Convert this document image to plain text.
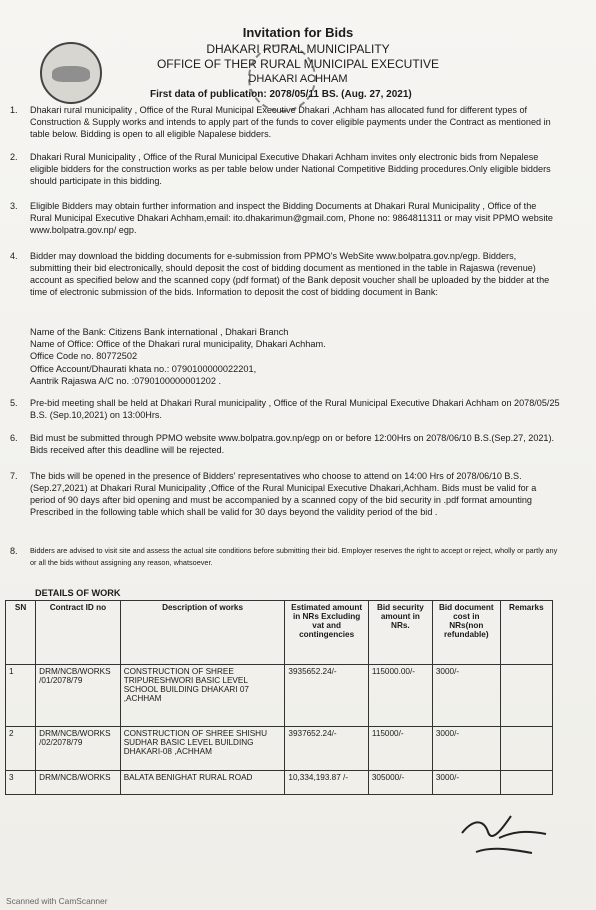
Invitation for Bids
DHAKARI RURAL MUNICIPALITY
OFFICE OF THER RURAL MUNICIPAL EXECUTIVE
DHAKARI ACHHAM
First data of publication: 2078/05/11 BS. (Aug. 27, 2021)
1.	Dhakari rural municipality , Office of the Rural Municipal Executive Dhakari ,Achham has allocated fund for different types of Construction & Supply works and intends to apply part of the funds to cover eligible payments under the Contract as mentioned in table below. Bidding is open to all eligible Napalese bidders.
2.	Dhakari Rural Municipality , Office of the Rural Municipal Executive Dhakari Achham invites only electronic bids from Nepalese eligible bidders for the construction works as per table below under National Competitive Bidding procedures.Only eligible bidders should participate in this bidding.
3.	Eligible Bidders may obtain further information and inspect the Bidding Documents at Dhakari Rural Municipality , Office of the Rural Municipal Executive Dhakari Achham,email: ito.dhakarimun@gmail.com, Phone no: 9864811311 or may visit PPMO website www.bolpatra.gov.np/ egp.
4.	Bidder may download the bidding documents for e-submission from PPMO's WebSite www.bolpatra.gov.np/egp. Bidders, submitting their bid electronically, should deposit the cost of bidding document as mentioned in the table in Rajaswa (revenue) account as specified below and the scanned copy (pdf format) of the Bank deposit voucher shall be uploaded by the bidder at the time of electronic submission of the bids. Information to deposit the cost of bidding document in Bank:
Name of the Bank: Citizens Bank international , Dhakari Branch
Name of Office: Office of the Dhakari rural municipality, Dhakari Achham.
Office Code no. 80772502
Office Account/Dhaurati khata no.: 0790100000022201,
Aantrik Rajaswa A/C no. :0790100000001202 .
5.	Pre-bid meeting shall be held at Dhakari Rural municipality , Office of the Rural Municipal Executive Dhakari Achham on 2078/05/25 B.S. (Sep.10,2021) on 13:00Hrs.
6.	Bid must be submitted through PPMO website www.bolpatra.gov.np/egp on or before 12:00Hrs on 2078/06/10 B.S.(Sep.27, 2021). Bids received after this deadline will be rejected.
7.	The bids will be opened in the presence of Bidders' representatives who choose to attend on 14:00 Hrs of 2078/06/10 B.S. (Sep.27,2021) at Dhakari Rural Municipality ,Office of the Rural Municipal Executive Dhakari,Achham. Bids must be valid for a period of 90 days after bid opening and must be accompanied by a scanned copy of the bid security in .pdf format amounting Prescribed in the following table which shall be valid for 30 days beyond the validity period of the bid .
8.	Bidders are advised to visit site and assess the actual site conditions before submitting their bid. Employer reserves the right to accept or reject, wholly or partly any or all the bids without assigning any reason, whatsoever.
DETAILS OF WORK
SN	Contract ID no	Description of works	Estimated amount in NRs Excluding vat and contingencies	Bid security amount in NRs.	Bid document cost in NRs(non refundable)	Remarks
1	DRM/NCB/WORKS /01/2078/79	CONSTRUCTION OF SHREE TRIPURESHWORI BASIC LEVEL SCHOOL BUILDING DHAKARI 07 ,ACHHAM	3935652.24/-	115000.00/-	3000/-	
2	DRM/NCB/WORKS /02/2078/79	CONSTRUCTION OF SHREE SHISHU SUDHAR BASIC LEVEL BUILDING DHAKARI-08 ,ACHHAM	3937652.24/-	115000/-	3000/-	
3	DRM/NCB/WORKS	BALATA BENIGHAT RURAL ROAD	10,334,193.87 /-	305000/-	3000/-	
Scanned with CamScanner
